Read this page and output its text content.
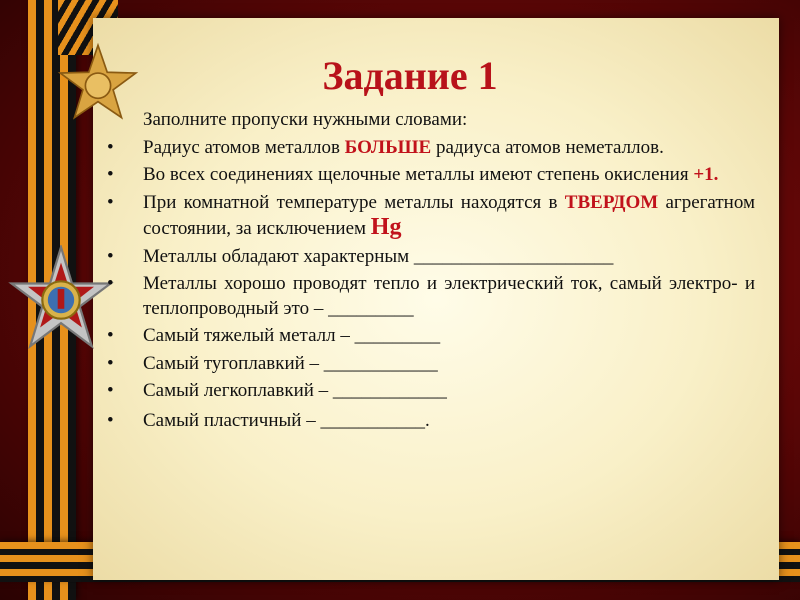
Задание 1

Заполните пропуски нужными словами:

• Радиус атомов металлов БОЛЬШЕ радиуса атомов неметаллов.
• Во всех соединениях щелочные металлы имеют степень окисления +1.
• При комнатной температуре металлы находятся в ТВЕРДОМ агрегатном состоянии, за исключением Hg
• Металлы обладают характерным _____________________
• Металлы хорошо проводят тепло и электрический ток, самый электро- и теплопроводный это – _________
• Самый тяжелый металл – _________
• Самый тугоплавкий – ____________
• Самый легкоплавкий – ____________
• Самый пластичный – ___________.
